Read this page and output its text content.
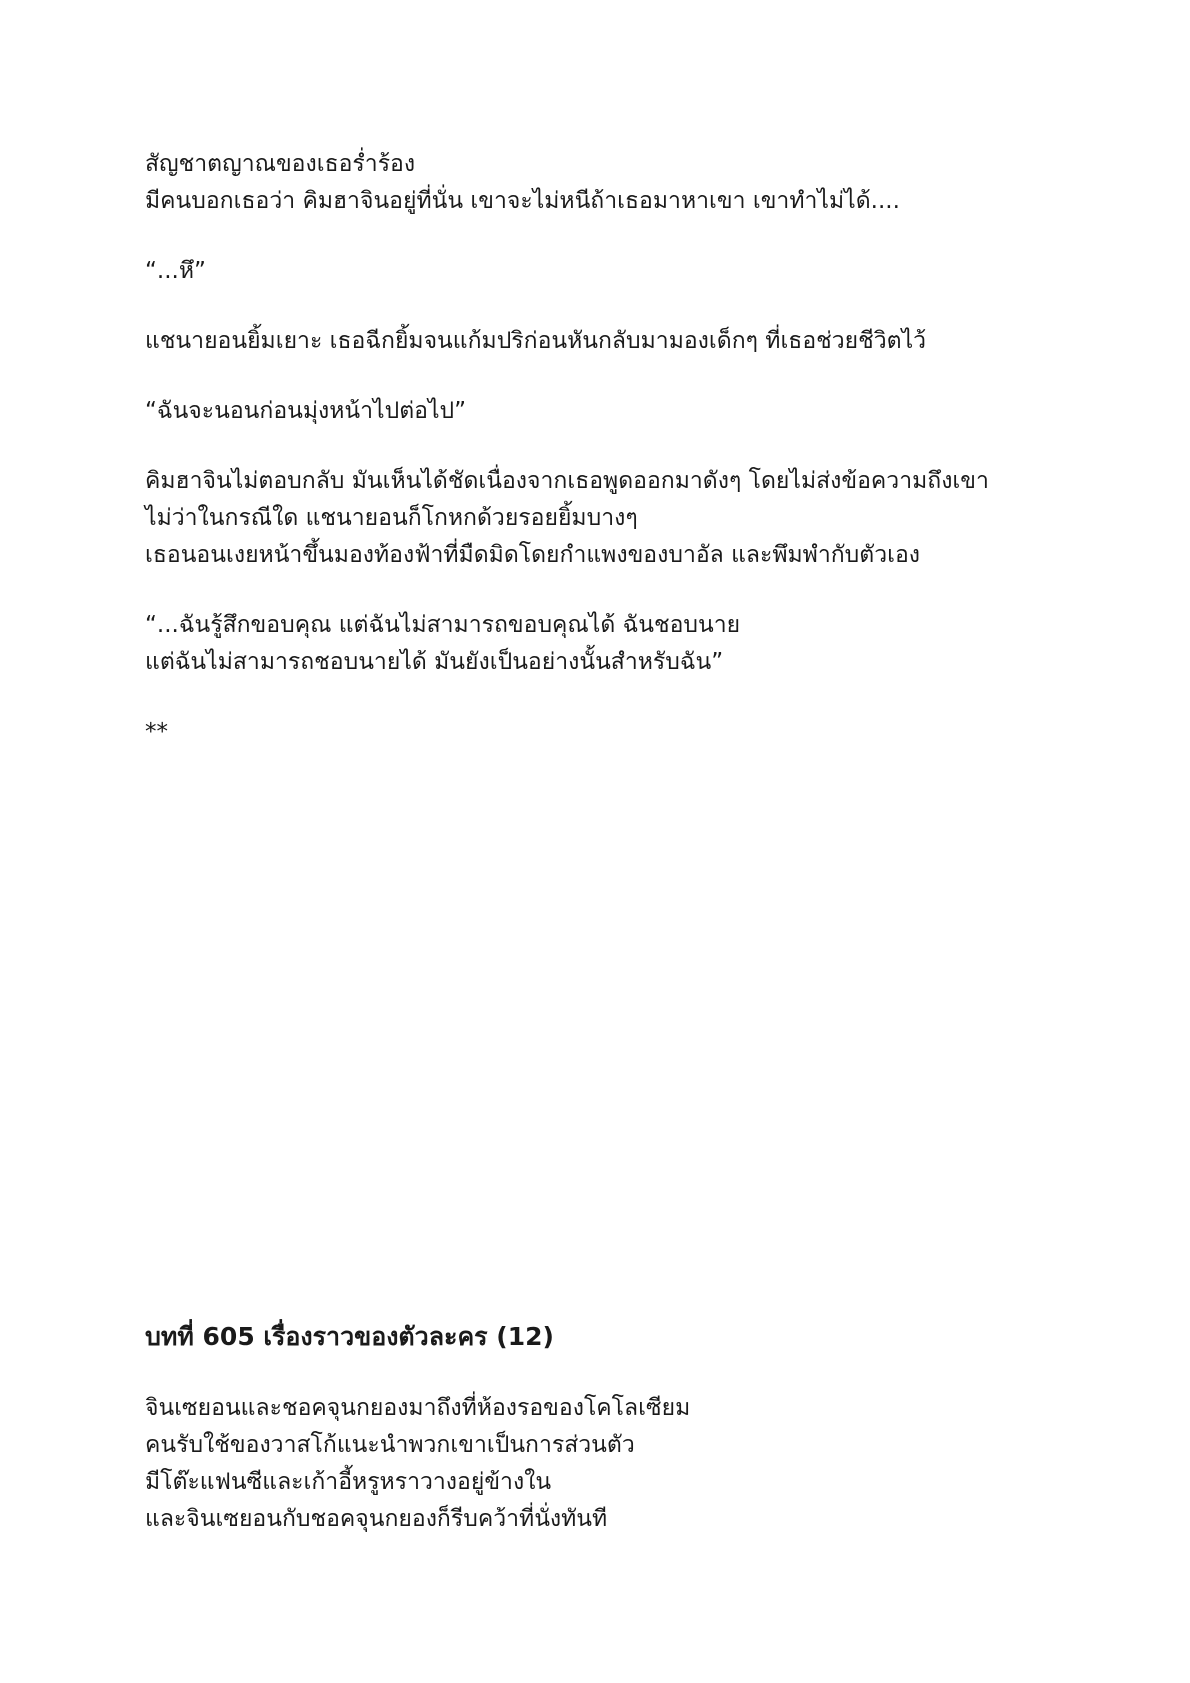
สัญชาตญาณของเธอร่ำร้อง

มีคนบอกเธอว่า คิมฮาจินอยู่ที่นั่น เขาจะไม่หนีถ้าเธอมาหาเขา เขาทำไม่ได้....

“...หึ”

แชนายอนยิ้มเยาะ เธอฉีกยิ้มจนแก้มปริก่อนหันกลับมามองเด็กๆ ที่เธอช่วยชีวิตไว้

“ฉันจะนอนก่อนมุ่งหน้าไปต่อไป”

คิมฮาจินไม่ตอบกลับ มันเห็นได้ชัดเนื่องจากเธอพูดออกมาดังๆ โดยไม่ส่งข้อความถึงเขา

ไม่ว่าในกรณีใด แชนายอนก็โกหกด้วยรอยยิ้มบางๆ

เธอนอนเงยหน้าขึ้นมองท้องฟ้าที่มืดมิดโดยกำแพงของบาอัล และพึมพำกับตัวเอง

“...ฉันรู้สึกขอบคุณ แต่ฉันไม่สามารถขอบคุณได้ ฉันชอบนาย

แต่ฉันไม่สามารถชอบนายได้ มันยังเป็นอย่างนั้นสำหรับฉัน”

**

บทที่ 605 เรื่องราวของตัวละคร (12)

จินเซยอนและชอคจุนกยองมาถึงที่ห้องรอของโคโลเซียม

คนรับใช้ของวาสโก้แนะนำพวกเขาเป็นการส่วนตัว

มีโต๊ะแฟนซีและเก้าอี้หรูหราวางอยู่ข้างใน

และจินเซยอนกับชอคจุนกยองก็รีบคว้าที่นั่งทันที
